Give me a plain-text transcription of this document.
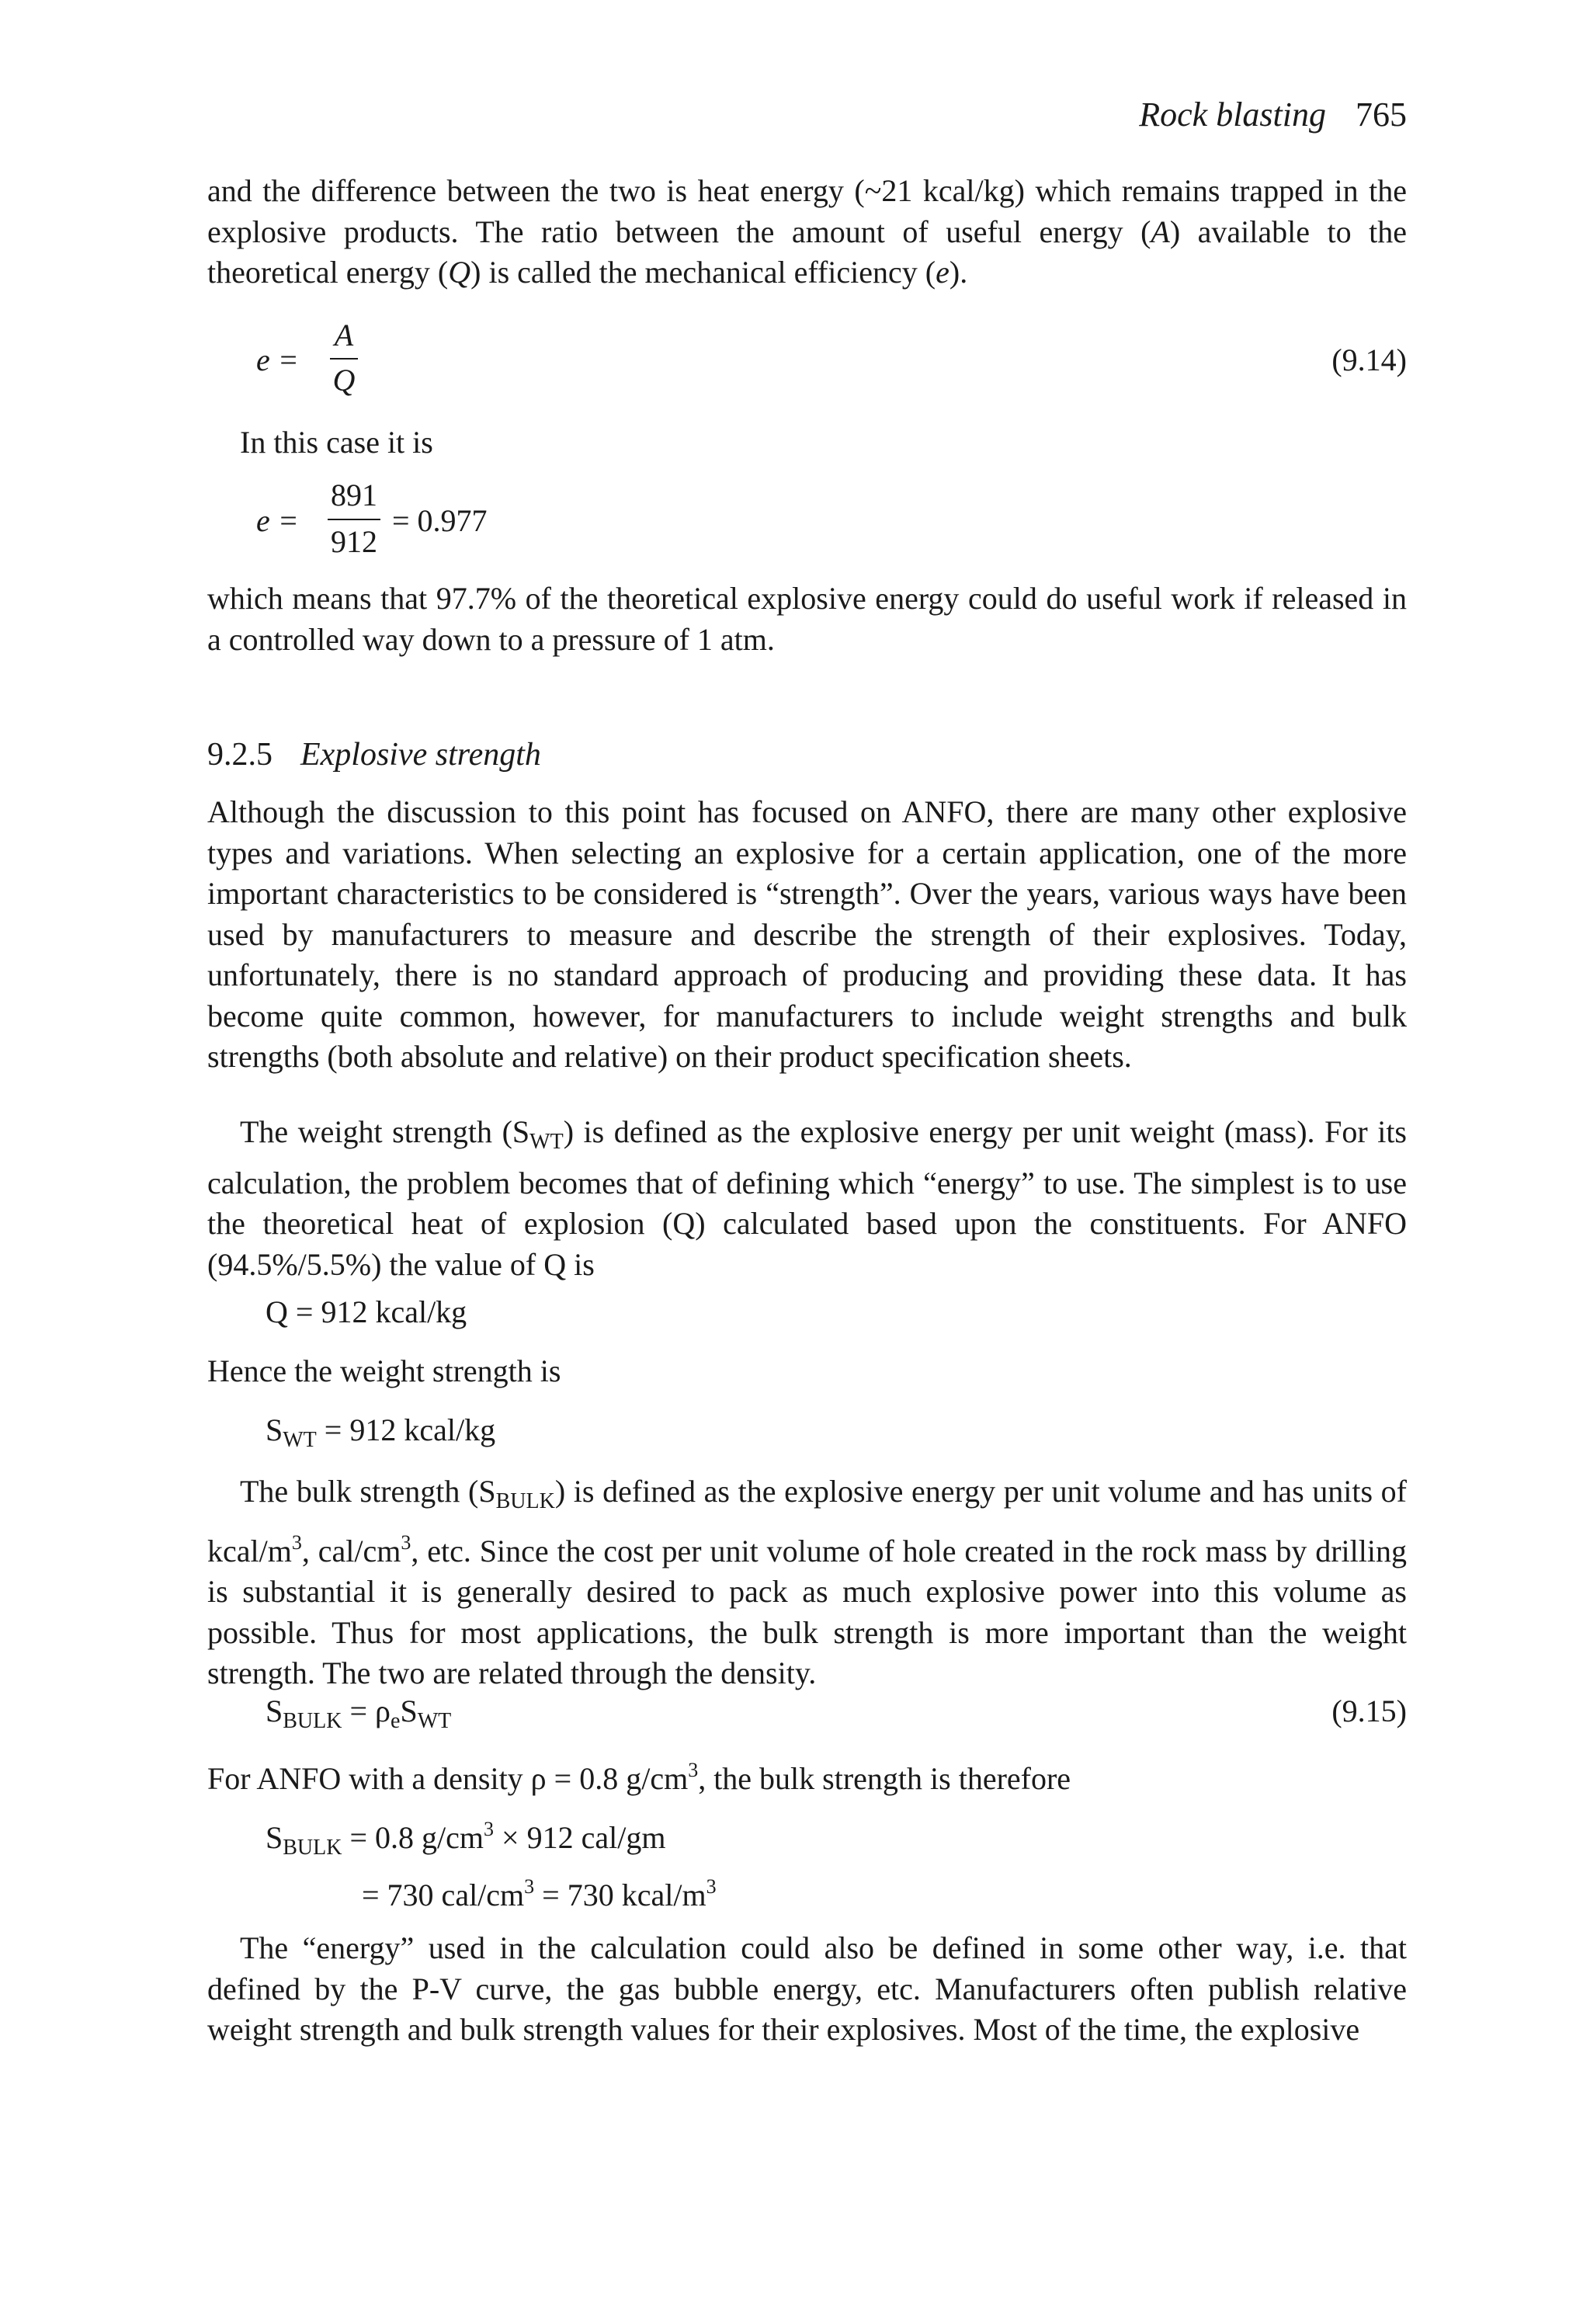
Rock blasting 765

and the difference between the two is heat energy (~21 kcal/kg) which remains trapped in the explosive products. The ratio between the amount of useful energy (A) available to the theoretical energy (Q) is called the mechanical efficiency (e).

e =
A
Q
(9.14)
In this case it is
e =
891
912
= 0.977

which means that 97.7% of the theoretical explosive energy could do useful work if released in a controlled way down to a pressure of 1 atm.

9.2.5 Explosive strength

Although the discussion to this point has focused on ANFO, there are many other explosive types and variations. When selecting an explosive for a certain application, one of the more important characteristics to be considered is “strength”. Over the years, various ways have been used by manufacturers to measure and describe the strength of their explosives. Today, unfortunately, there is no standard approach of producing and providing these data. It has become quite common, however, for manufacturers to include weight strengths and bulk strengths (both absolute and relative) on their product specification sheets.

The weight strength $(S_{WT})$ is defined as the explosive energy per unit weight (mass). For its calculation, the problem becomes that of defining which “energy” to use. The simplest is to use the theoretical heat of explosion (Q) calculated based upon the constituents. For ANFO (94.5%/5.5%) the value of Q is

Q = 912 kcal/kg
Hence the weight strength is
$S_{WT} = 912$ kcal/kg

The bulk strength $(S_{BULK})$ is defined as the explosive energy per unit volume and has units of kcal/$m^3$, cal/$cm^3$, etc. Since the cost per unit volume of hole created in the rock mass by drilling is substantial it is generally desired to pack as much explosive power into this volume as possible. Thus for most applications, the bulk strength is more important than the weight strength. The two are related through the density.

$S_{BULK} = \rho_eS_{WT}$	(9.15)
For ANFO with a density ρ = 0.8 $g/cm^3$, the bulk strength is therefore
$S_{BULK} = 0.8$ $g/cm^3 \times 912$ cal/gm
= 730 cal/$cm^3 = 730$ kcal/$m^3$

The “energy” used in the calculation could also be defined in some other way, i.e. that defined by the P-V curve, the gas bubble energy, etc. Manufacturers often publish relative weight strength and bulk strength values for their explosives. Most of the time, the explosive
